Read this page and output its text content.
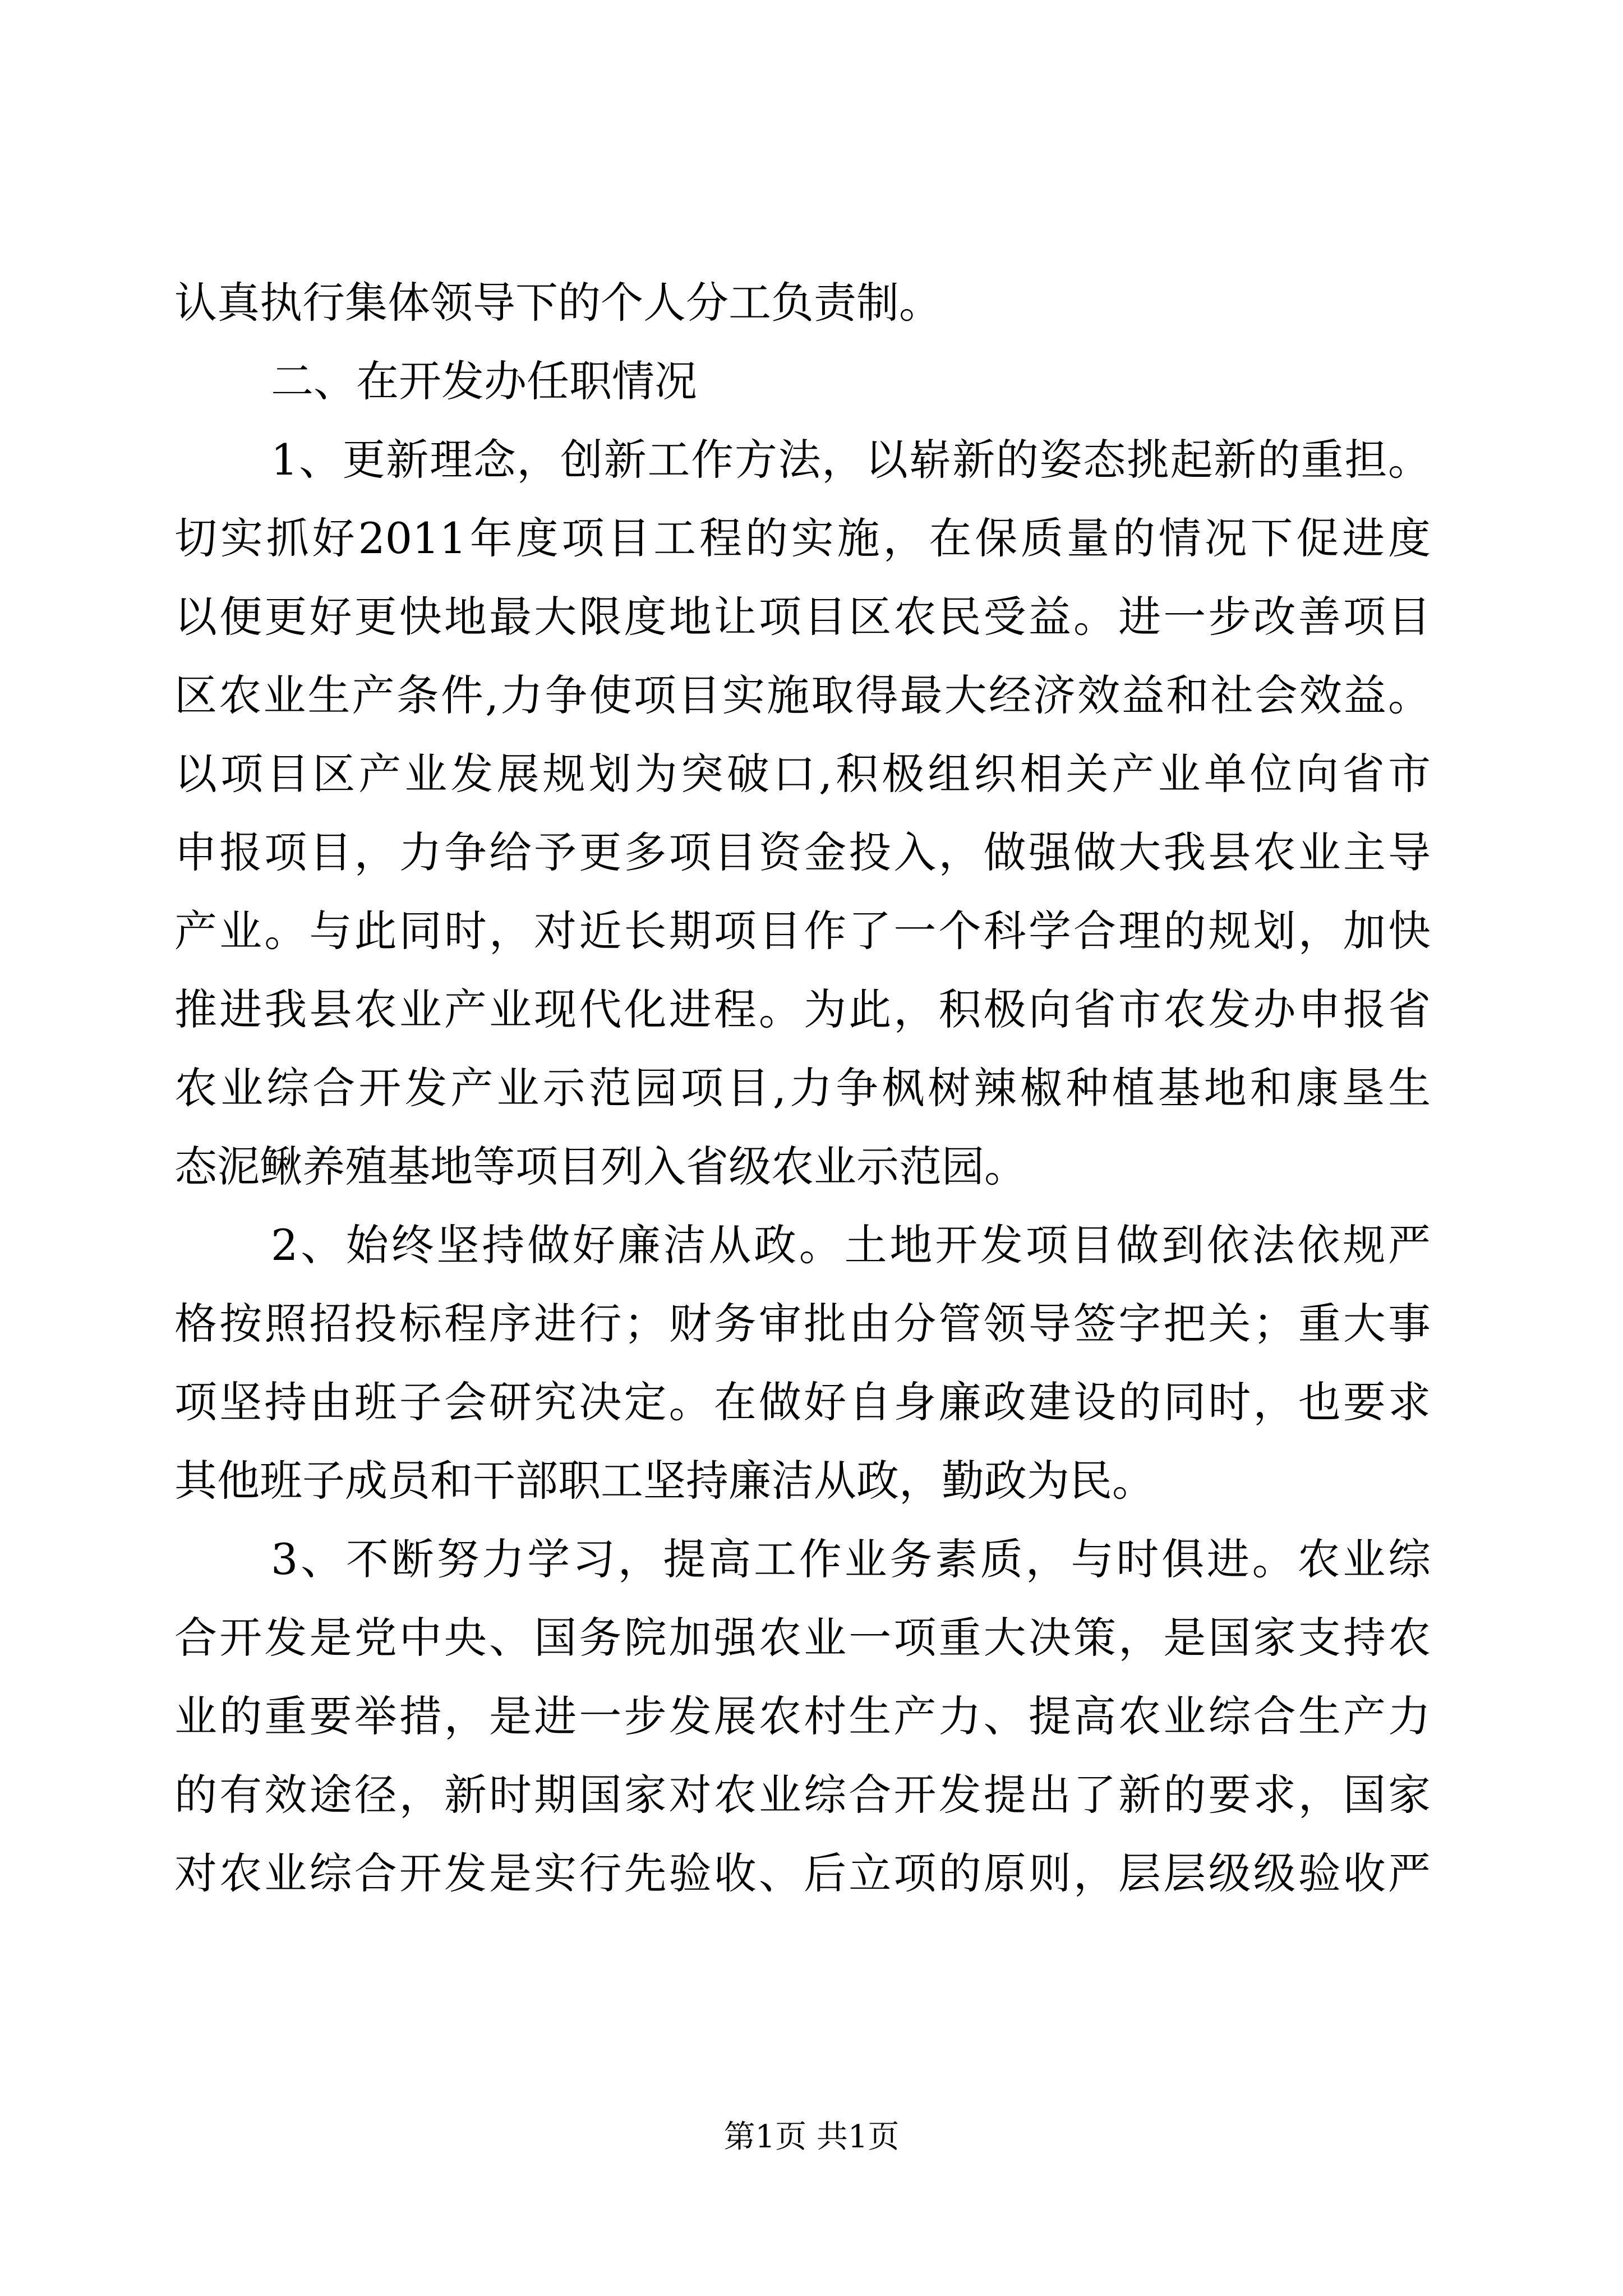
认真执行集体领导下的个人分工负责制。

二、在开发办任职情况

1、更新理念，创新工作方法，以崭新的姿态挑起新的重担。

切实抓好2011年度项目工程的实施，在保质量的情况下促进度

以便更好更快地最大限度地让项目区农民受益。进一步改善项目

区农业生产条件,力争使项目实施取得最大经济效益和社会效益。

以项目区产业发展规划为突破口,积极组织相关产业单位向省市

申报项目，力争给予更多项目资金投入，做强做大我县农业主导

产业。与此同时，对近长期项目作了一个科学合理的规划，加快

推进我县农业产业现代化进程。为此，积极向省市农发办申报省

农业综合开发产业示范园项目,力争枫树辣椒种植基地和康垦生

态泥鳅养殖基地等项目列入省级农业示范园。

2、始终坚持做好廉洁从政。土地开发项目做到依法依规严

格按照招投标程序进行；财务审批由分管领导签字把关；重大事

项坚持由班子会研究决定。在做好自身廉政建设的同时，也要求

其他班子成员和干部职工坚持廉洁从政，勤政为民。

3、不断努力学习，提高工作业务素质，与时俱进。农业综

合开发是党中央、国务院加强农业一项重大决策，是国家支持农

业的重要举措，是进一步发展农村生产力、提高农业综合生产力

的有效途径，新时期国家对农业综合开发提出了新的要求，国家

对农业综合开发是实行先验收、后立项的原则，层层级级验收严

第1页 共1页
